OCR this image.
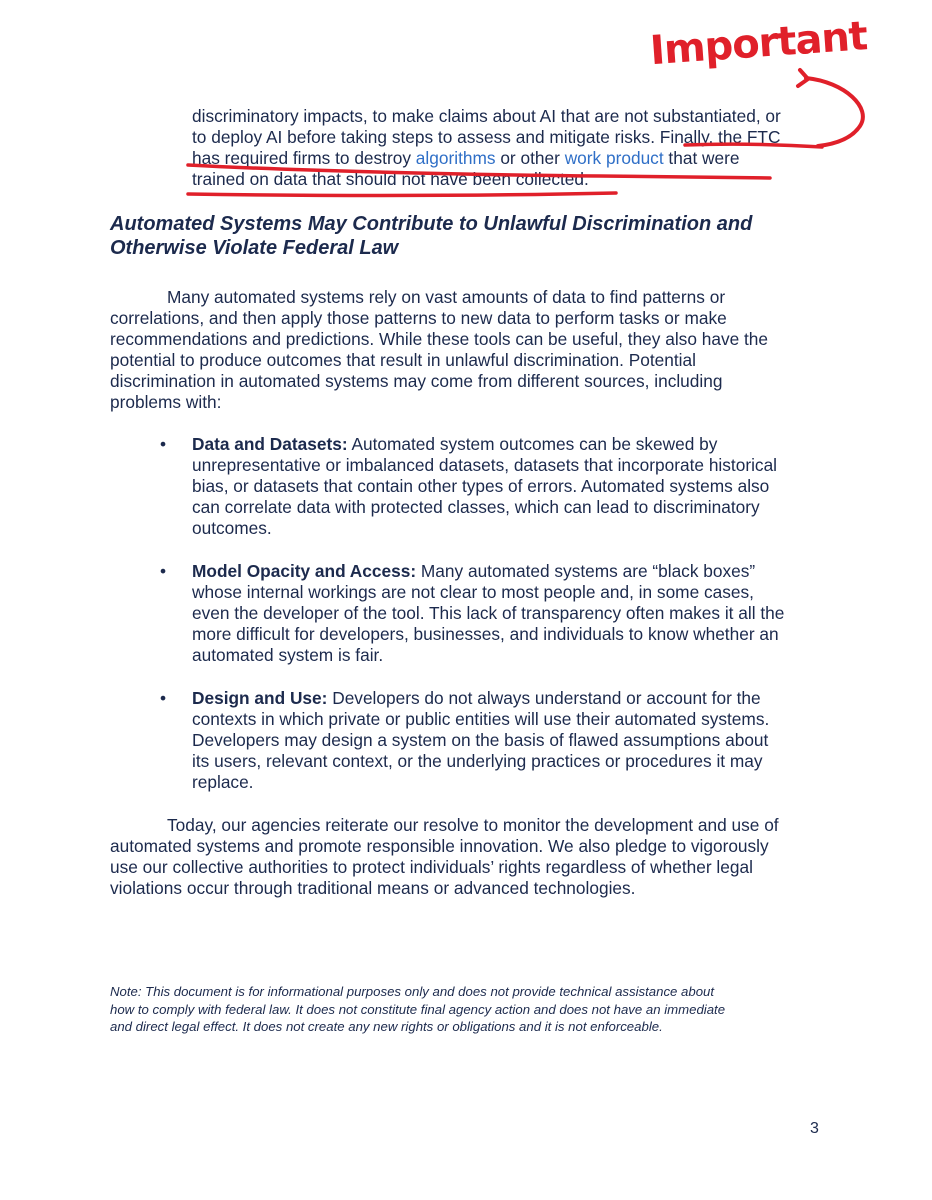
discriminatory impacts, to make claims about AI that are not substantiated, or
to deploy AI before taking steps to assess and mitigate risks. Finally, the FTC
has required firms to destroy algorithms or other work product that were
trained on data that should not have been collected.
Automated Systems May Contribute to Unlawful Discrimination and
Otherwise Violate Federal Law
Many automated systems rely on vast amounts of data to find patterns or
correlations, and then apply those patterns to new data to perform tasks or make
recommendations and predictions. While these tools can be useful, they also have the
potential to produce outcomes that result in unlawful discrimination. Potential
discrimination in automated systems may come from different sources, including
problems with:
• Data and Datasets: Automated system outcomes can be skewed by
unrepresentative or imbalanced datasets, datasets that incorporate historical
bias, or datasets that contain other types of errors. Automated systems also
can correlate data with protected classes, which can lead to discriminatory
outcomes.
• Model Opacity and Access: Many automated systems are “black boxes”
whose internal workings are not clear to most people and, in some cases,
even the developer of the tool. This lack of transparency often makes it all the
more difficult for developers, businesses, and individuals to know whether an
automated system is fair.
• Design and Use: Developers do not always understand or account for the
contexts in which private or public entities will use their automated systems.
Developers may design a system on the basis of flawed assumptions about
its users, relevant context, or the underlying practices or procedures it may
replace.
Today, our agencies reiterate our resolve to monitor the development and use of
automated systems and promote responsible innovation. We also pledge to vigorously
use our collective authorities to protect individuals’ rights regardless of whether legal
violations occur through traditional means or advanced technologies.
Note: This document is for informational purposes only and does not provide technical assistance about
how to comply with federal law. It does not constitute final agency action and does not have an immediate
and direct legal effect. It does not create any new rights or obligations and it is not enforceable.
3
Important
